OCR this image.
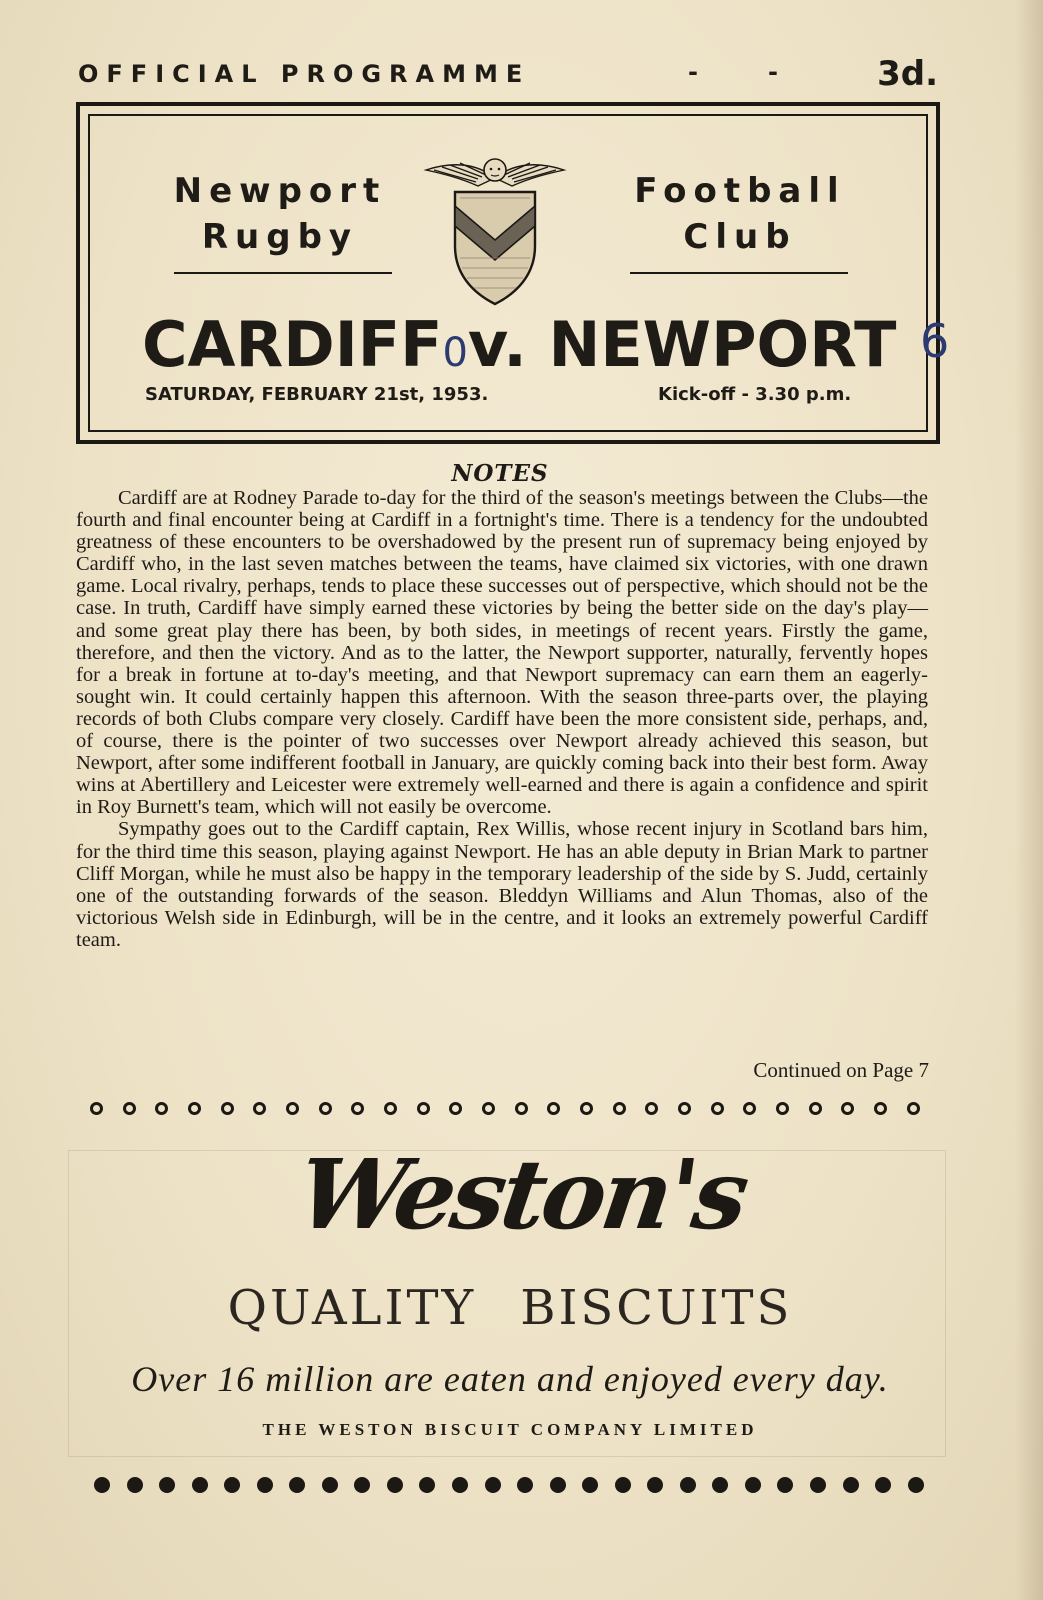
OFFICIAL PROGRAMME	-	-	3d.
Newport
Rugby
Football
Club
CARDIFF0v. NEWPORT 6
SATURDAY, FEBRUARY 21st, 1953.	Kick-off - 3.30 p.m.
NOTES

Cardiff are at Rodney Parade to-day for the third of the season's meetings between the Clubs—the fourth and final encounter being at Cardiff in a fortnight's time. There is a tendency for the undoubted greatness of these encounters to be overshadowed by the present run of supremacy being enjoyed by Cardiff who, in the last seven matches between the teams, have claimed six victories, with one drawn game. Local rivalry, perhaps, tends to place these successes out of perspective, which should not be the case. In truth, Cardiff have simply earned these victories by being the better side on the day's play—and some great play there has been, by both sides, in meetings of recent years. Firstly the game, therefore, and then the victory. And as to the latter, the Newport supporter, naturally, fervently hopes for a break in fortune at to-day's meeting, and that Newport supremacy can earn them an eagerly-sought win. It could certainly happen this afternoon. With the season three-parts over, the playing records of both Clubs compare very closely. Cardiff have been the more consistent side, perhaps, and, of course, there is the pointer of two successes over Newport already achieved this season, but Newport, after some indifferent football in January, are quickly coming back into their best form. Away wins at Abertillery and Leicester were extremely well-earned and there is again a confidence and spirit in Roy Burnett's team, which will not easily be overcome.

Sympathy goes out to the Cardiff captain, Rex Willis, whose recent injury in Scotland bars him, for the third time this season, playing against Newport. He has an able deputy in Brian Mark to partner Cliff Morgan, while he must also be happy in the temporary leadership of the side by S. Judd, certainly one of the outstanding forwards of the season. Bleddyn Williams and Alun Thomas, also of the victorious Welsh side in Edinburgh, will be in the centre, and it looks an extremely powerful Cardiff team.

Continued on Page 7
Weston's
QUALITY BISCUITS
Over 16 million are eaten and enjoyed every day.
THE WESTON BISCUIT COMPANY LIMITED
